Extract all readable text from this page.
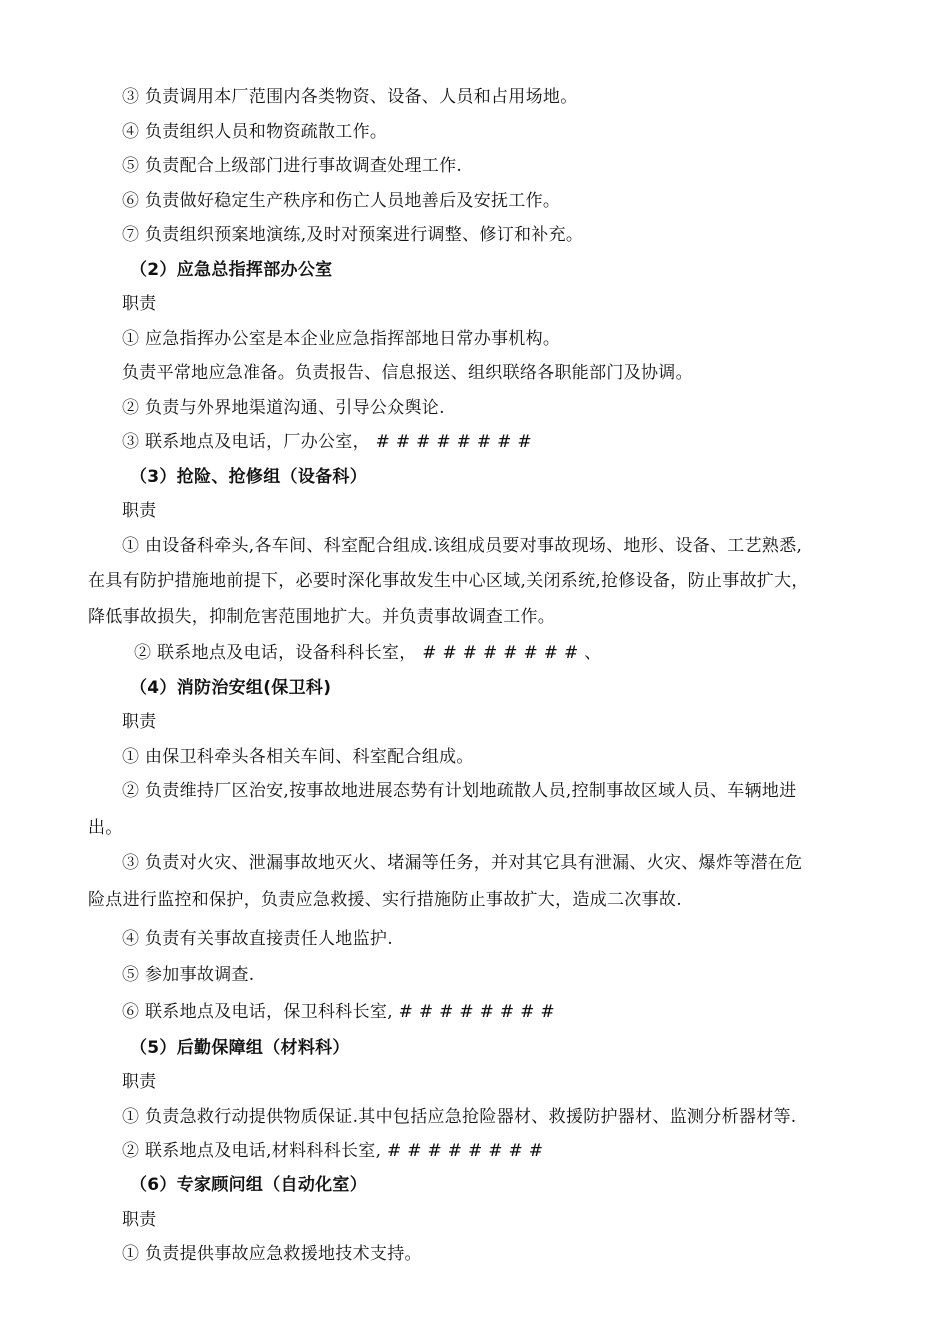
③ 负责调用本厂范围内各类物资、设备、人员和占用场地。
④ 负责组织人员和物资疏散工作。
⑤ 负责配合上级部门进行事故调查处理工作.
⑥ 负责做好稳定生产秩序和伤亡人员地善后及安抚工作。
⑦ 负责组织预案地演练,及时对预案进行调整、修订和补充。
（2）应急总指挥部办公室
职责
① 应急指挥办公室是本企业应急指挥部地日常办事机构。
负责平常地应急准备。负责报告、信息报送、组织联络各职能部门及协调。
② 负责与外界地渠道沟通、引导公众舆论.
③ 联系地点及电话，厂办公室， # # # # # # # #
（3）抢险、抢修组（设备科）
职责
① 由设备科牵头,各车间、科室配合组成.该组成员要对事故现场、地形、设备、工艺熟悉,
在具有防护措施地前提下，必要时深化事故发生中心区域,关闭系统,抢修设备，防止事故扩大，
降低事故损失，抑制危害范围地扩大。并负责事故调查工作。
② 联系地点及电话，设备科科长室， # # # # # # # # 、
（4）消防治安组(保卫科)
职责
① 由保卫科牵头各相关车间、科室配合组成。
② 负责维持厂区治安,按事故地进展态势有计划地疏散人员,控制事故区域人员、车辆地进
出。
③ 负责对火灾、泄漏事故地灭火、堵漏等任务，并对其它具有泄漏、火灾、爆炸等潜在危
险点进行监控和保护，负责应急救援、实行措施防止事故扩大，造成二次事故.
④ 负责有关事故直接责任人地监护.
⑤ 参加事故调查.
⑥ 联系地点及电话，保卫科科长室, # # # # # # # #
（5）后勤保障组（材料科）
职责
① 负责急救行动提供物质保证.其中包括应急抢险器材、救援防护器材、监测分析器材等.
② 联系地点及电话,材料科科长室, # # # # # # # #
（6）专家顾问组（自动化室）
职责
① 负责提供事故应急救援地技术支持。
